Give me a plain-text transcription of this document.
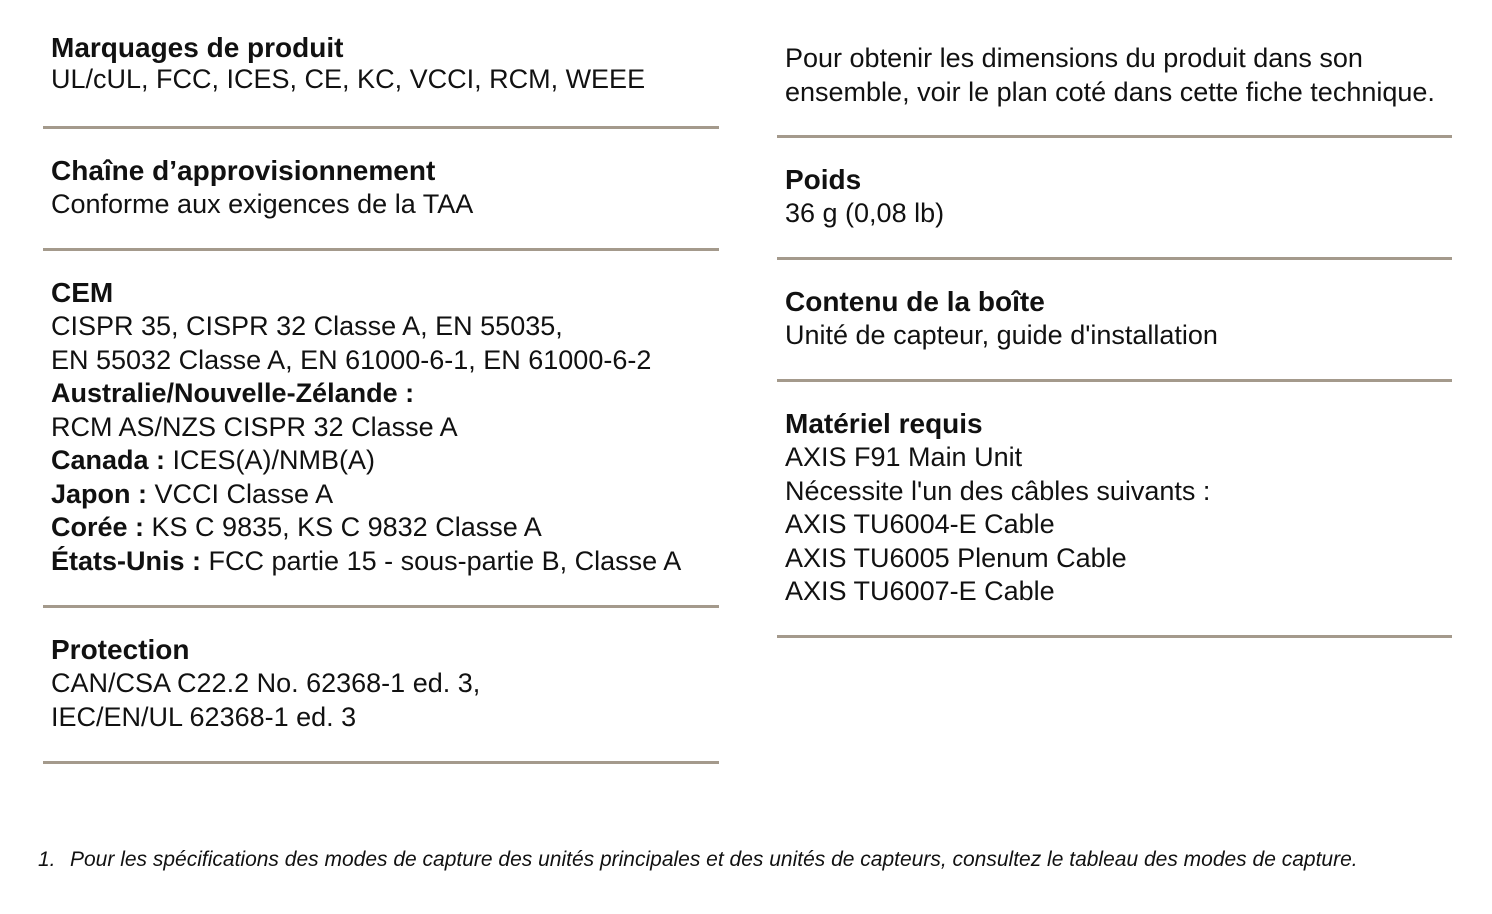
Marquages de produit
UL/cUL, FCC, ICES, CE, KC, VCCI, RCM, WEEE
Chaîne d’approvisionnement
Conforme aux exigences de la TAA
CEM
CISPR 35, CISPR 32 Classe A, EN 55035,
EN 55032 Classe A, EN 61000-6-1, EN 61000-6-2
Australie/Nouvelle-Zélande :
RCM AS/NZS CISPR 32 Classe A
Canada : ICES(A)/NMB(A)
Japon : VCCI Classe A
Corée : KS C 9835, KS C 9832 Classe A
États-Unis : FCC partie 15 - sous-partie B, Classe A
Protection
CAN/CSA C22.2 No. 62368-1 ed. 3,
IEC/EN/UL 62368-1 ed. 3
Pour obtenir les dimensions du produit dans son
ensemble, voir le plan coté dans cette fiche technique.
Poids
36 g (0,08 lb)
Contenu de la boîte
Unité de capteur, guide d'installation
Matériel requis
AXIS F91 Main Unit
Nécessite l'un des câbles suivants :
AXIS TU6004-E Cable
AXIS TU6005 Plenum Cable
AXIS TU6007-E Cable
1. Pour les spécifications des modes de capture des unités principales et des unités de capteurs, consultez le tableau des modes de capture.
